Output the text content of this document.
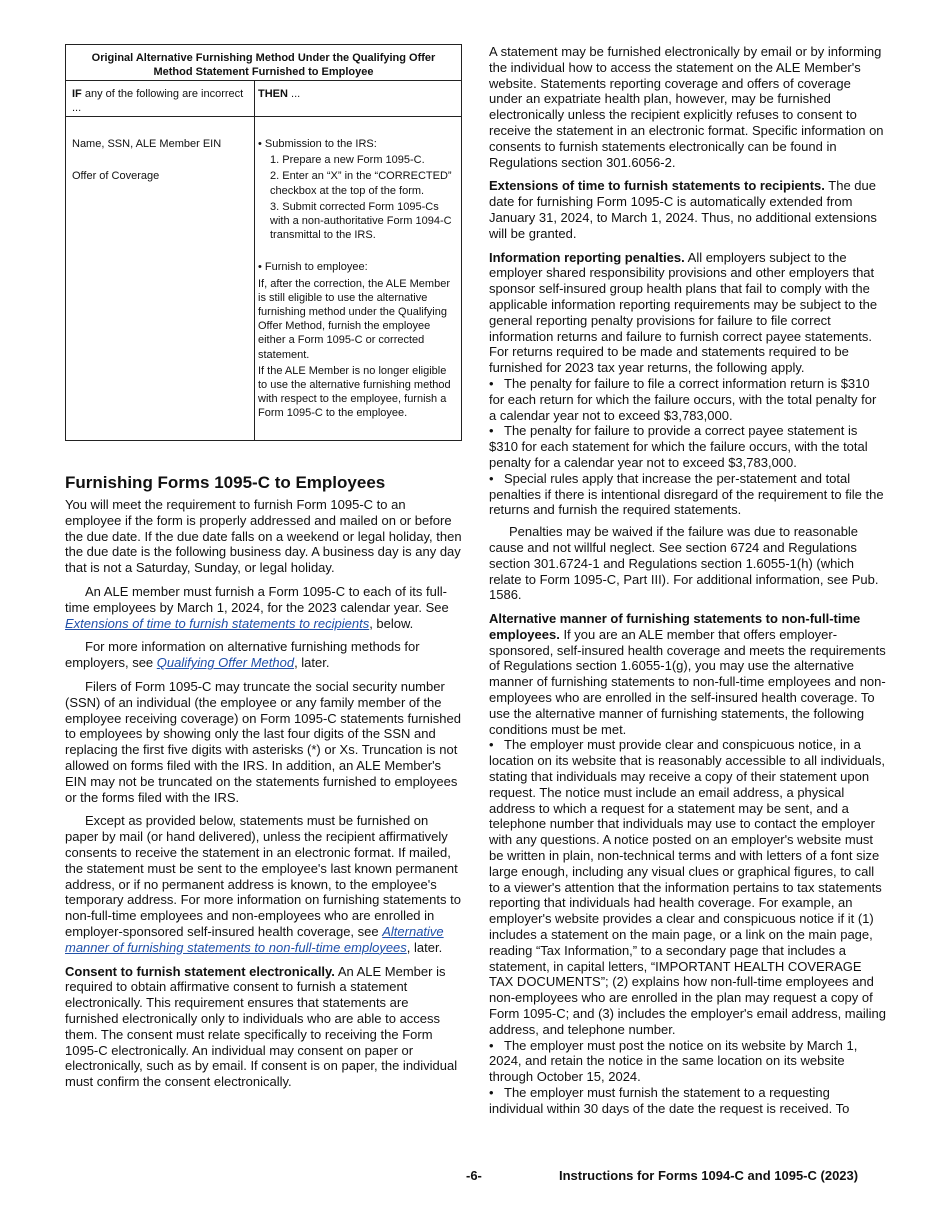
Original Alternative Furnishing Method Under the Qualifying Offer
Method Statement Furnished to Employee
IF any of the following are incorrect ...
THEN ...
Name, SSN, ALE Member EIN
Offer of Coverage
• Submission to the IRS:
1. Prepare a new Form 1095-C.
2. Enter an “X” in the “CORRECTED” checkbox at the top of the form.
3. Submit corrected Form 1095-Cs with a non-authoritative Form 1094-C transmittal to the IRS.
• Furnish to employee:
If, after the correction, the ALE Member is still eligible to use the alternative furnishing method under the Qualifying Offer Method, furnish the employee either a Form 1095-C or corrected statement.
If the ALE Member is no longer eligible to use the alternative furnishing method with respect to the employee, furnish a Form 1095-C to the employee.
Furnishing Forms 1095-C to Employees

You will meet the requirement to furnish Form 1095-C to an employee if the form is properly addressed and mailed on or before the due date. If the due date falls on a weekend or legal holiday, then the due date is the following business day. A business day is any day that is not a Saturday, Sunday, or legal holiday.

An ALE member must furnish a Form 1095-C to each of its full-time employees by March 1, 2024, for the 2023 calendar year. See Extensions of time to furnish statements to recipients, below.

For more information on alternative furnishing methods for employers, see Qualifying Offer Method, later.

Filers of Form 1095-C may truncate the social security number (SSN) of an individual (the employee or any family member of the employee receiving coverage) on Form 1095-C statements furnished to employees by showing only the last four digits of the SSN and replacing the first five digits with asterisks (*) or Xs. Truncation is not allowed on forms filed with the IRS. In addition, an ALE Member's EIN may not be truncated on the statements furnished to employees or the forms filed with the IRS.

Except as provided below, statements must be furnished on paper by mail (or hand delivered), unless the recipient affirmatively consents to receive the statement in an electronic format. If mailed, the statement must be sent to the employee's last known permanent address, or if no permanent address is known, to the employee's temporary address. For more information on furnishing statements to non-full-time employees and non-employees who are enrolled in employer-sponsored self-insured health coverage, see Alternative manner of furnishing statements to non-full-time employees, later.

Consent to furnish statement electronically. An ALE Member is required to obtain affirmative consent to furnish a statement electronically. This requirement ensures that statements are furnished electronically only to individuals who are able to access them. The consent must relate specifically to receiving the Form 1095-C electronically. An individual may consent on paper or electronically, such as by email. If consent is on paper, the individual must confirm the consent electronically.

A statement may be furnished electronically by email or by informing the individual how to access the statement on the ALE Member's website. Statements reporting coverage and offers of coverage under an expatriate health plan, however, may be furnished electronically unless the recipient explicitly refuses to consent to receive the statement in an electronic format. Specific information on consents to furnish statements electronically can be found in Regulations section 301.6056-2.

Extensions of time to furnish statements to recipients. The due date for furnishing Form 1095-C is automatically extended from January 31, 2024, to March 1, 2024. Thus, no additional extensions will be granted.

Information reporting penalties. All employers subject to the employer shared responsibility provisions and other employers that sponsor self-insured group health plans that fail to comply with the applicable information reporting requirements may be subject to the general reporting penalty provisions for failure to file correct information returns and failure to furnish correct payee statements. For returns required to be made and statements required to be furnished for 2023 tax year returns, the following apply.

• The penalty for failure to file a correct information return is $310 for each return for which the failure occurs, with the total penalty for a calendar year not to exceed $3,783,000.

• The penalty for failure to provide a correct payee statement is $310 for each statement for which the failure occurs, with the total penalty for a calendar year not to exceed $3,783,000.

• Special rules apply that increase the per-statement and total penalties if there is intentional disregard of the requirement to file the returns and furnish the required statements.

Penalties may be waived if the failure was due to reasonable cause and not willful neglect. See section 6724 and Regulations section 301.6724-1 and Regulations section 1.6055-1(h) (which relate to Form 1095-C, Part III). For additional information, see Pub. 1586.

Alternative manner of furnishing statements to non-full-time employees. If you are an ALE member that offers employer-sponsored, self-insured health coverage and meets the requirements of Regulations section 1.6055-1(g), you may use the alternative manner of furnishing statements to non-full-time employees and non-employees who are enrolled in the self-insured health coverage. To use the alternative manner of furnishing statements, the following conditions must be met.

• The employer must provide clear and conspicuous notice, in a location on its website that is reasonably accessible to all individuals, stating that individuals may receive a copy of their statement upon request. The notice must include an email address, a physical address to which a request for a statement may be sent, and a telephone number that individuals may use to contact the employer with any questions. A notice posted on an employer's website must be written in plain, non-technical terms and with letters of a font size large enough, including any visual clues or graphical figures, to call to a viewer's attention that the information pertains to tax statements reporting that individuals had health coverage. For example, an employer's website provides a clear and conspicuous notice if it (1) includes a statement on the main page, or a link on the main page, reading “Tax Information,” to a secondary page that includes a statement, in capital letters, “IMPORTANT HEALTH COVERAGE TAX DOCUMENTS”; (2) explains how non-full-time employees and non-employees who are enrolled in the plan may request a copy of Form 1095-C; and (3) includes the employer's email address, mailing address, and telephone number.

• The employer must post the notice on its website by March 1, 2024, and retain the notice in the same location on its website through October 15, 2024.

• The employer must furnish the statement to a requesting individual within 30 days of the date the request is received. To

-6-	Instructions for Forms 1094-C and 1095-C (2023)
